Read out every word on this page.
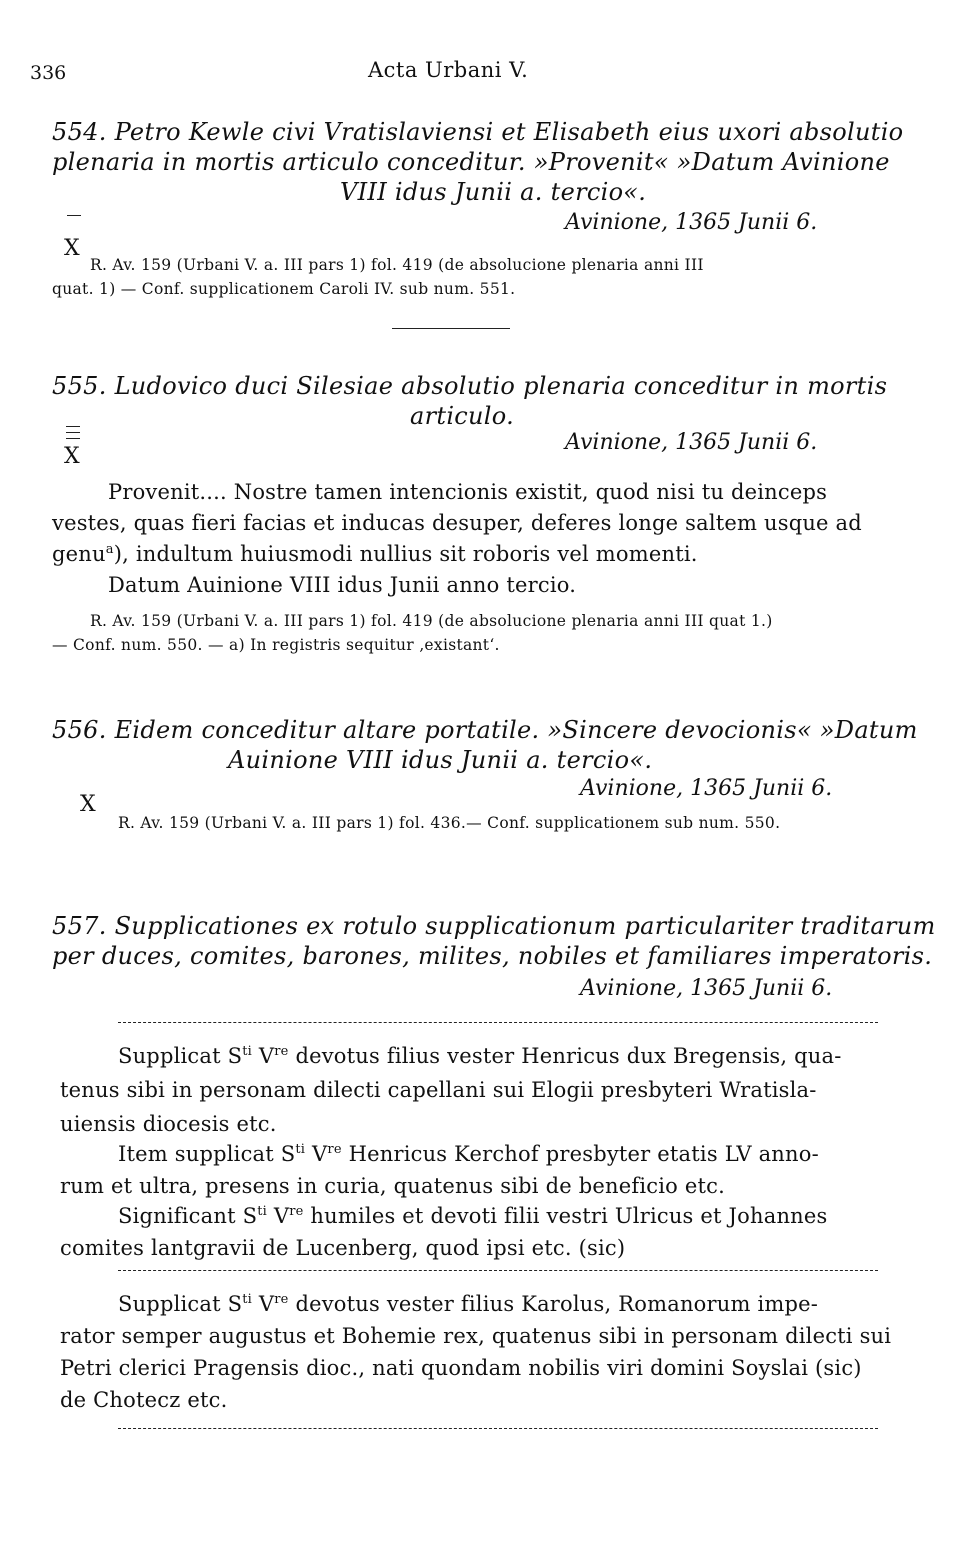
336	Acta Urbani V.
554. Petro Kewle civi Vratislaviensi et Elisabeth eius uxori absolutio
plenaria in mortis articulo conceditur. »Provenit« »Datum Avinione
VIII idus Junii a. tercio«.
X
Avinione, 1365 Junii 6.
R. Av. 159 (Urbani V. a. III pars 1) fol. 419 (de absolucione plenaria anni III
quat. 1) — Conf. supplicationem Caroli IV. sub num. 551.
555. Ludovico duci Silesiae absolutio plenaria conceditur in mortis
articulo.
X
Avinione, 1365 Junii 6.
Provenit.... Nostre tamen intencionis existit, quod nisi tu deinceps
vestes, quas fieri facias et inducas desuper, deferes longe saltem usque ad
genu$^a$), indultum huiusmodi nullius sit roboris vel momenti.
Datum Auinione VIII idus Junii anno tercio.
R. Av. 159 (Urbani V. a. III pars 1) fol. 419 (de absolucione plenaria anni III quat 1.)
— Conf. num. 550. — a) In registris sequitur ‚existant‘.
556. Eidem conceditur altare portatile. »Sincere devocionis« »Datum
Auinione VIII idus Junii a. tercio«.
X
Avinione, 1365 Junii 6.
R. Av. 159 (Urbani V. a. III pars 1) fol. 436.— Conf. supplicationem sub num. 550.
557. Supplicationes ex rotulo supplicationum particulariter traditarum
per duces, comites, barones, milites, nobiles et familiares imperatoris.
Avinione, 1365 Junii 6.
Supplicat $S^{ti}$ Vre devotus filius vester Henricus dux Bregensis, qua-
tenus sibi in personam dilecti capellani sui Elogii presbyteri Wratisla-
uiensis diocesis etc.
Item supplicat $S^{ti}$ Vre Henricus Kerchof presbyter etatis LV anno-
rum et ultra, presens in curia, quatenus sibi de beneficio etc.
Significant $S^{ti}$ Vre humiles et devoti filii vestri Ulricus et Johannes
comites lantgravii de Lucenberg, quod ipsi etc. (sic)
Supplicat $S^{ti}$ Vre devotus vester filius Karolus, Romanorum impe-
rator semper augustus et Bohemie rex, quatenus sibi in personam dilecti sui
Petri clerici Pragensis dioc., nati quondam nobilis viri domini Soyslai (sic)
de Chotecz etc.
